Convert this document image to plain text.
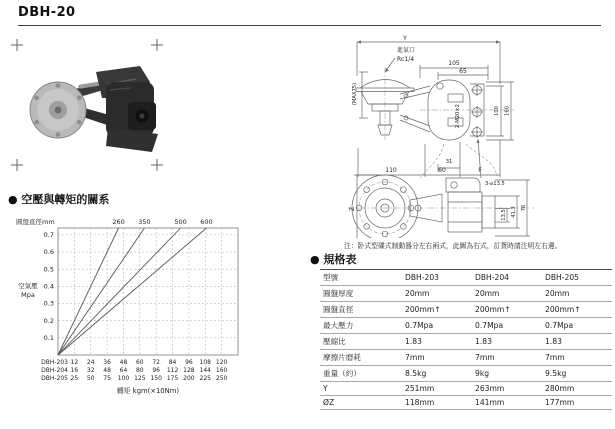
DBH-20
Y
進氣口
Rc1/4
105
65
(MAX75)
100 160
2-M20×2
110	60
31
F
3-⌀13.5
Z
13.5 41.3 76
注：卧式型碟式制動器分左右兩式，此圖為右式，訂貨時請注明左右邊。
● 空壓與轉矩的關系
0.7
0.6
0.5
0.4
0.3
0.2
0.1
260 350	500 600
圓盤直徑mm
空氣壓
Mpa
DBH-203 12 24 36 48 60 72 84 96 108 120
DBH-204 16 32 48 64 80 96 112 128 144 160
DBH-205 25 50 75 100 125 150 175 200 225 250
轉矩 kgm(×10Nm)
● 規格表
型號	DBH-203	DBH-204	DBH-205
圓盤厚度	20mm	20mm	20mm
圓盤直徑	200mm↑	200mm↑	200mm↑
最大壓力	0.7Mpa	0.7Mpa	0.7Mpa
壓縮比	1.83	1.83	1.83
摩擦片磨耗	7mm	7mm	7mm
重量（約）	8.5kg	9kg	9.5kg
Y	251mm	263mm	280mm
ØZ	118mm	141mm	177mm
